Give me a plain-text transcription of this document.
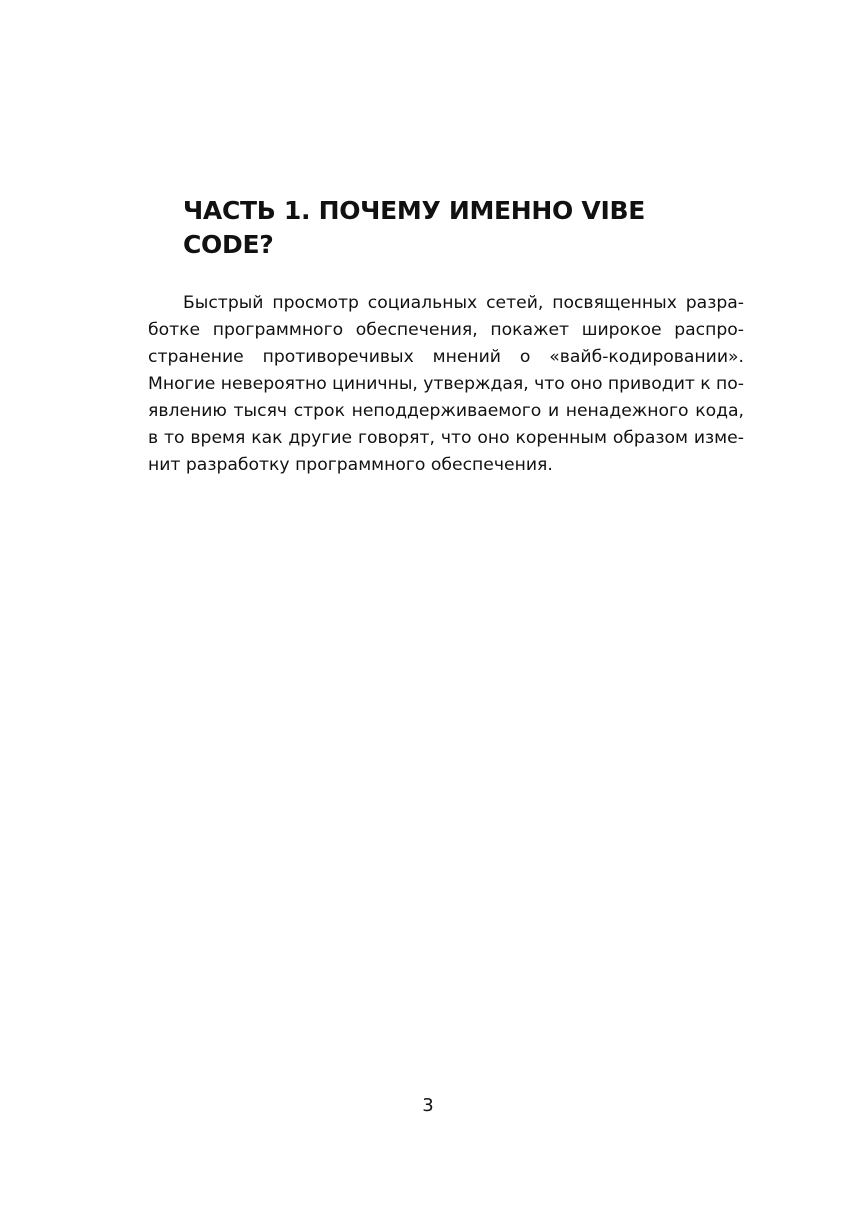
ЧАСТЬ 1. ПОЧЕМУ ИМЕННО VIBE
CODE?
Быстрый просмотр социальных сетей, посвященных разра-
ботке программного обеспечения, покажет широкое распро-
странение противоречивых мнений о «вайб-кодировании».
Многие невероятно циничны, утверждая, что оно приводит к по-
явлению тысяч строк неподдерживаемого и ненадежного кода,
в то время как другие говорят, что оно коренным образом изме-
нит разработку программного обеспечения.
3
